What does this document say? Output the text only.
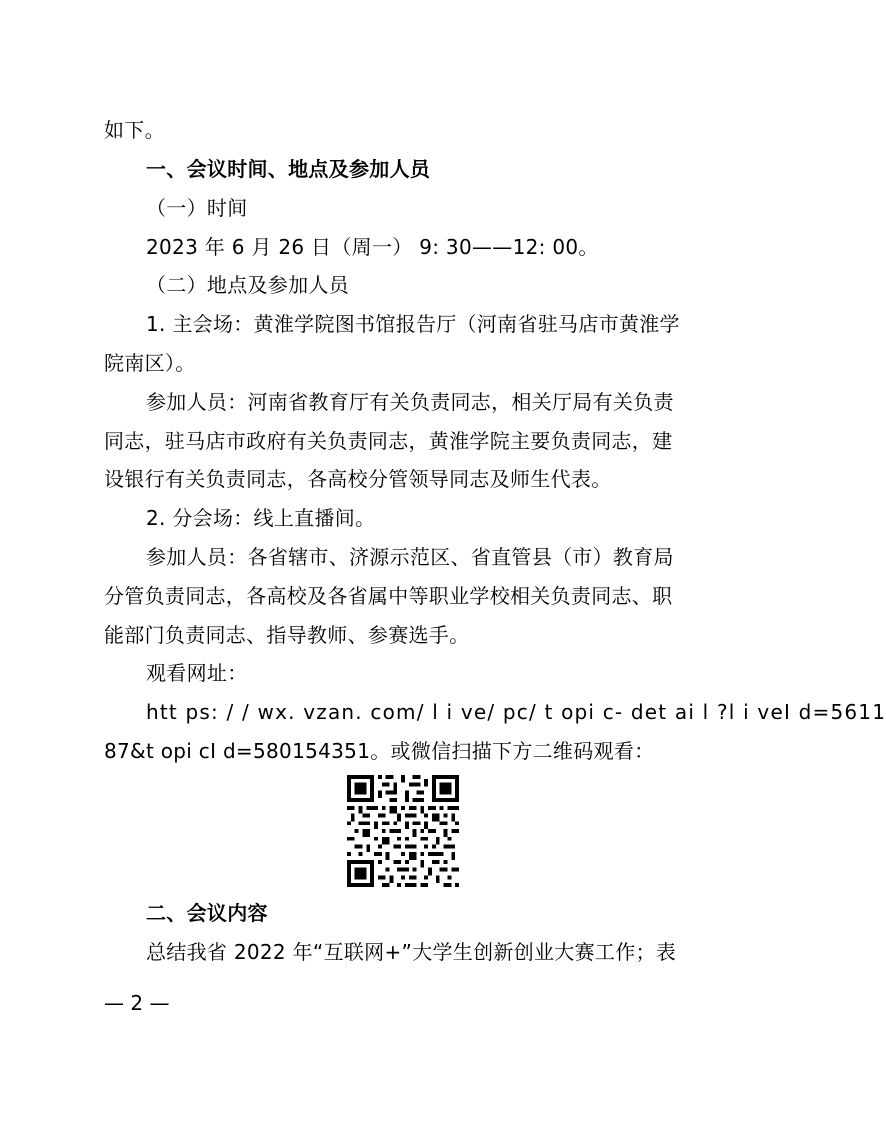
如下。
一、会议时间、地点及参加人员
（一）时间
2023 年 6 月 26 日（周一） 9: 30——12: 00。
（二）地点及参加人员
1. 主会场：黄淮学院图书馆报告厅（河南省驻马店市黄淮学
院南区）。
参加人员：河南省教育厅有关负责同志，相关厅局有关负责
同志，驻马店市政府有关负责同志，黄淮学院主要负责同志，建
设银行有关负责同志，各高校分管领导同志及师生代表。
2. 分会场：线上直播间。
参加人员：各省辖市、济源示范区、省直管县（市）教育局
分管负责同志，各高校及各省属中等职业学校相关负责同志、职
能部门负责同志、指导教师、参赛选手。
观看网址：
htt ps: / / wx. vzan. com/ l i ve/ pc/ t opi c- det ai l ?l i veI d=5611
87&t opi cI d=580154351。或微信扫描下方二维码观看：
二、会议内容
总结我省 2022 年“互联网+”大学生创新创业大赛工作；表
— 2 —
